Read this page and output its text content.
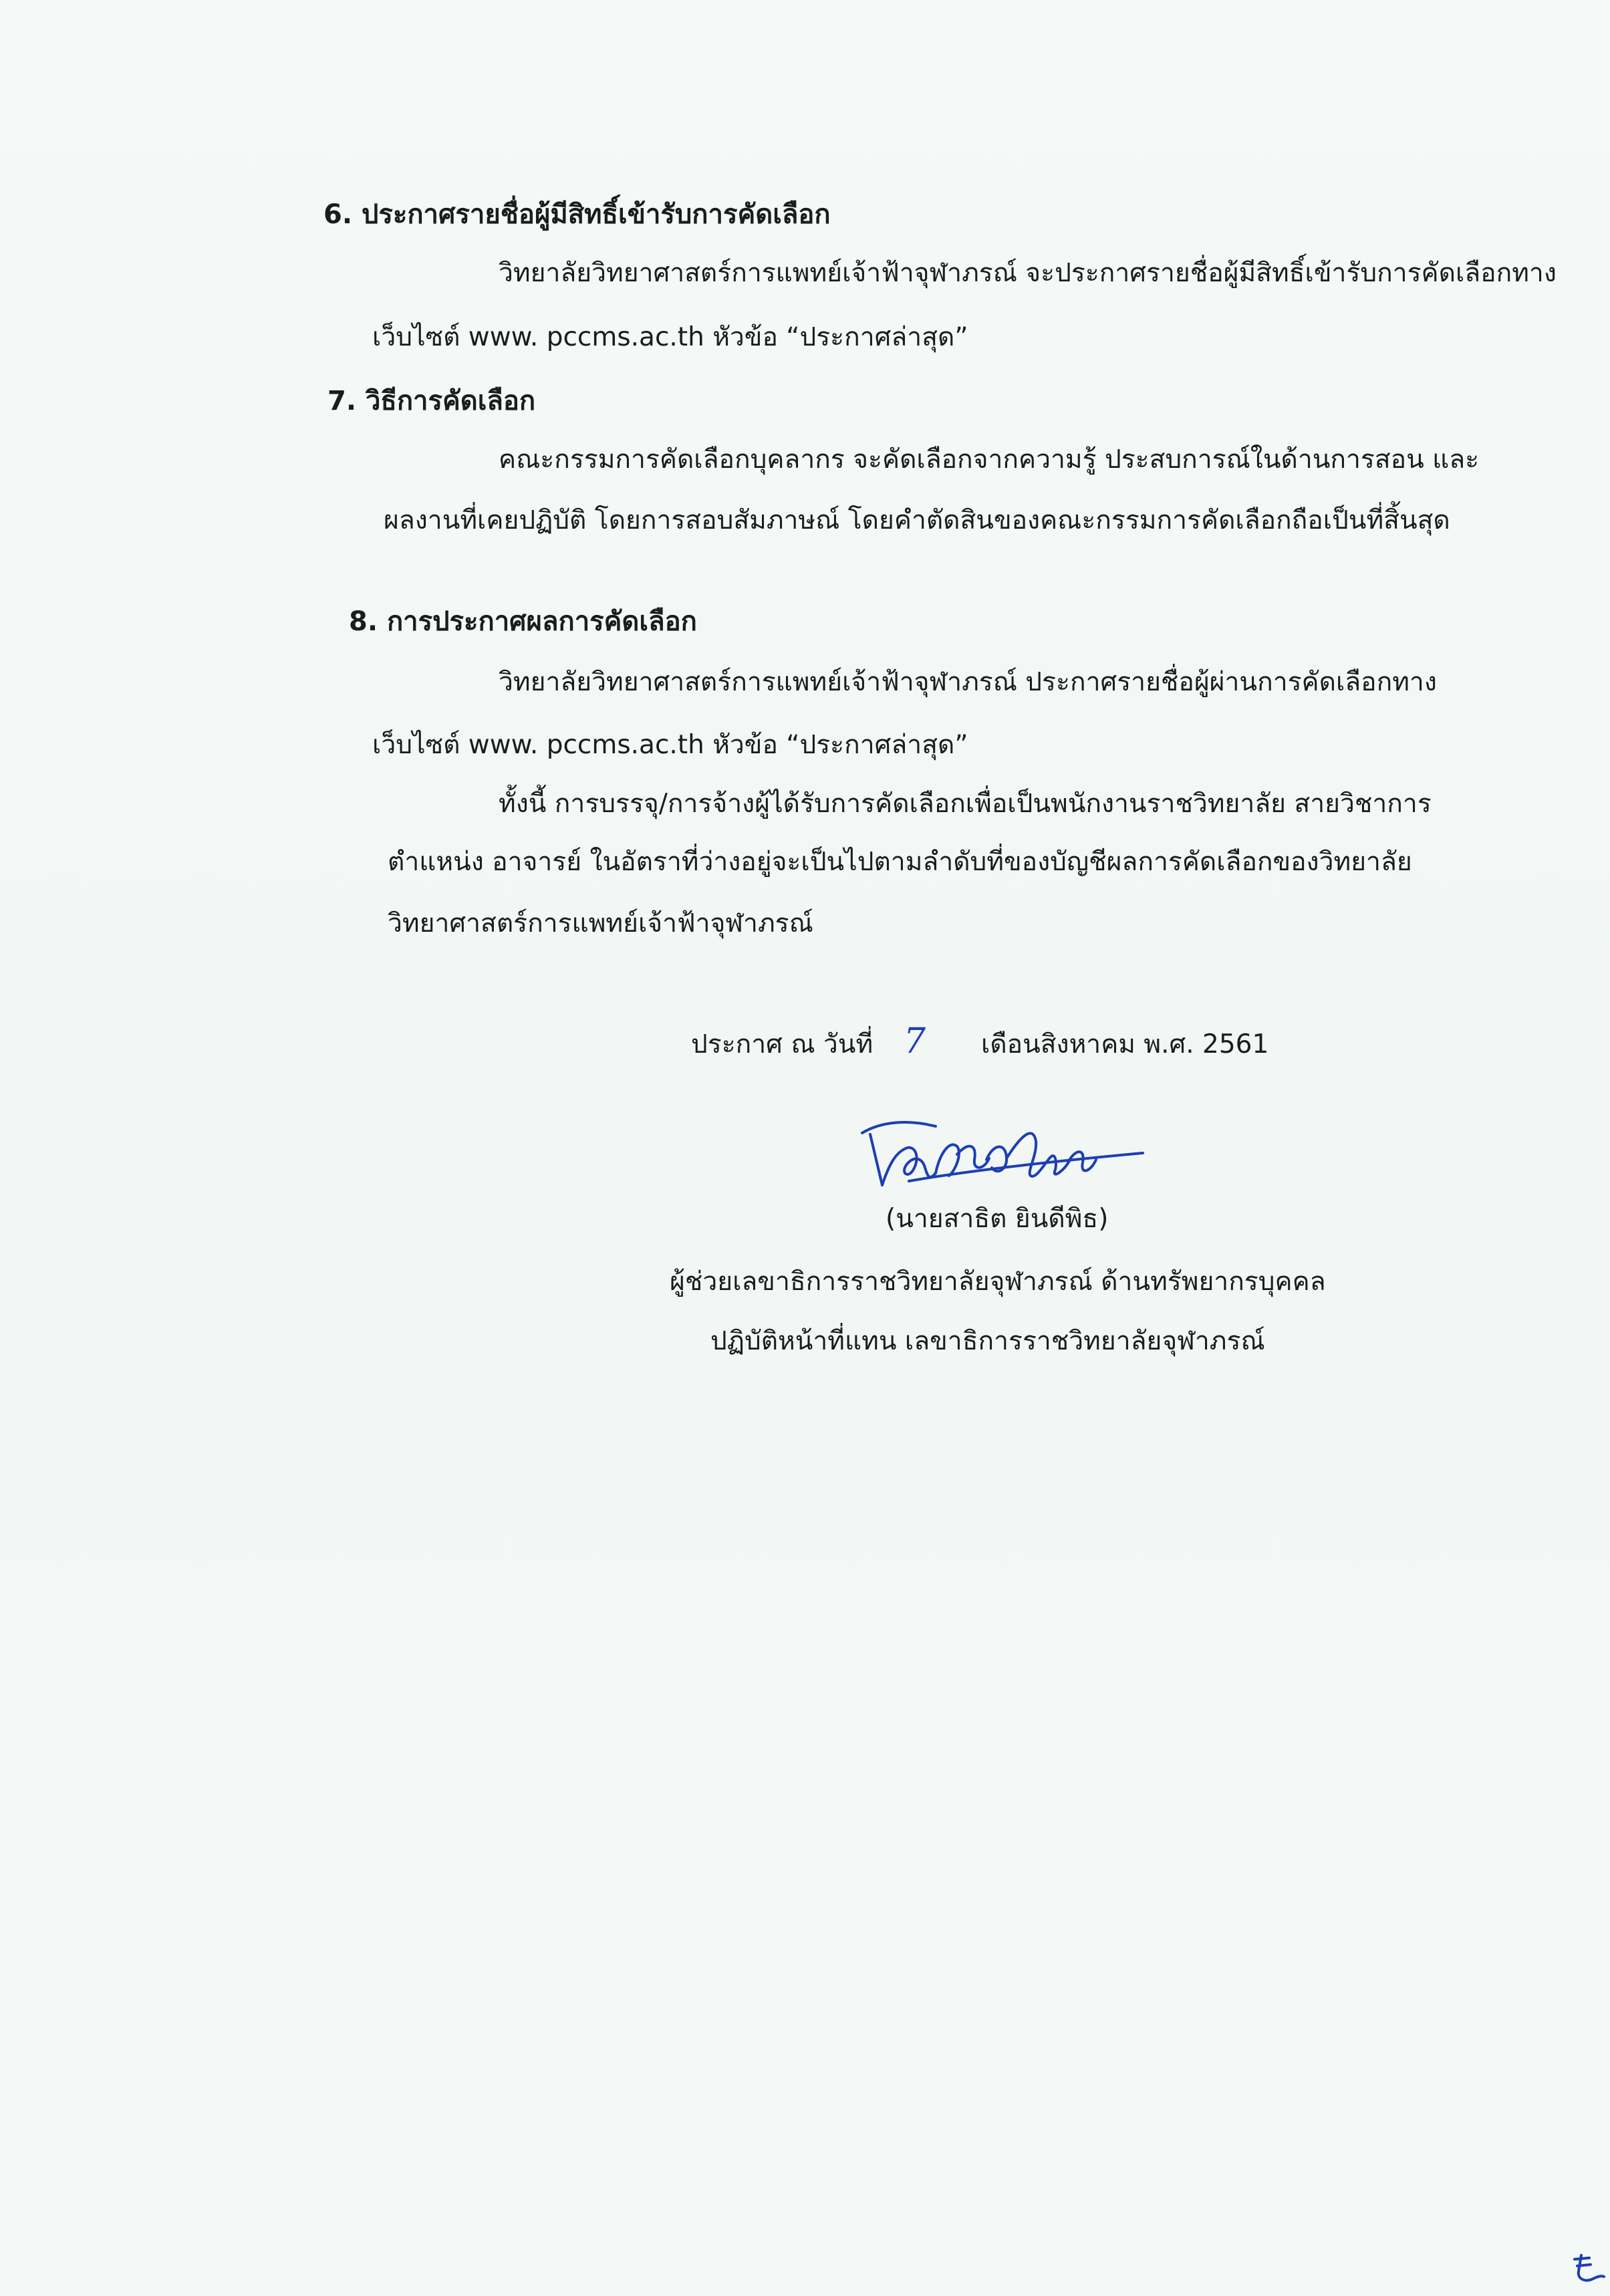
6. ประกาศรายชื่อผู้มีสิทธิ์เข้ารับการคัดเลือก
วิทยาลัยวิทยาศาสตร์การแพทย์เจ้าฟ้าจุฬาภรณ์ จะประกาศรายชื่อผู้มีสิทธิ์เข้ารับการคัดเลือกทาง
เว็บไซต์ www. pccms.ac.th หัวข้อ “ประกาศล่าสุด”
7. วิธีการคัดเลือก
คณะกรรมการคัดเลือกบุคลากร จะคัดเลือกจากความรู้ ประสบการณ์ในด้านการสอน และ
ผลงานที่เคยปฏิบัติ โดยการสอบสัมภาษณ์ โดยคำตัดสินของคณะกรรมการคัดเลือกถือเป็นที่สิ้นสุด
8. การประกาศผลการคัดเลือก
วิทยาลัยวิทยาศาสตร์การแพทย์เจ้าฟ้าจุฬาภรณ์ ประกาศรายชื่อผู้ผ่านการคัดเลือกทาง
เว็บไซต์ www. pccms.ac.th หัวข้อ “ประกาศล่าสุด”
ทั้งนี้ การบรรจุ/การจ้างผู้ได้รับการคัดเลือกเพื่อเป็นพนักงานราชวิทยาลัย สายวิชาการ
ตำแหน่ง อาจารย์ ในอัตราที่ว่างอยู่จะเป็นไปตามลำดับที่ของบัญชีผลการคัดเลือกของวิทยาลัย
วิทยาศาสตร์การแพทย์เจ้าฟ้าจุฬาภรณ์
ประกาศ ณ วันที่ 7 เดือนสิงหาคม พ.ศ. 2561
(นายสาธิต ยินดีพิธ)
ผู้ช่วยเลขาธิการราชวิทยาลัยจุฬาภรณ์ ด้านทรัพยากรบุคคล
ปฏิบัติหน้าที่แทน เลขาธิการราชวิทยาลัยจุฬาภรณ์
